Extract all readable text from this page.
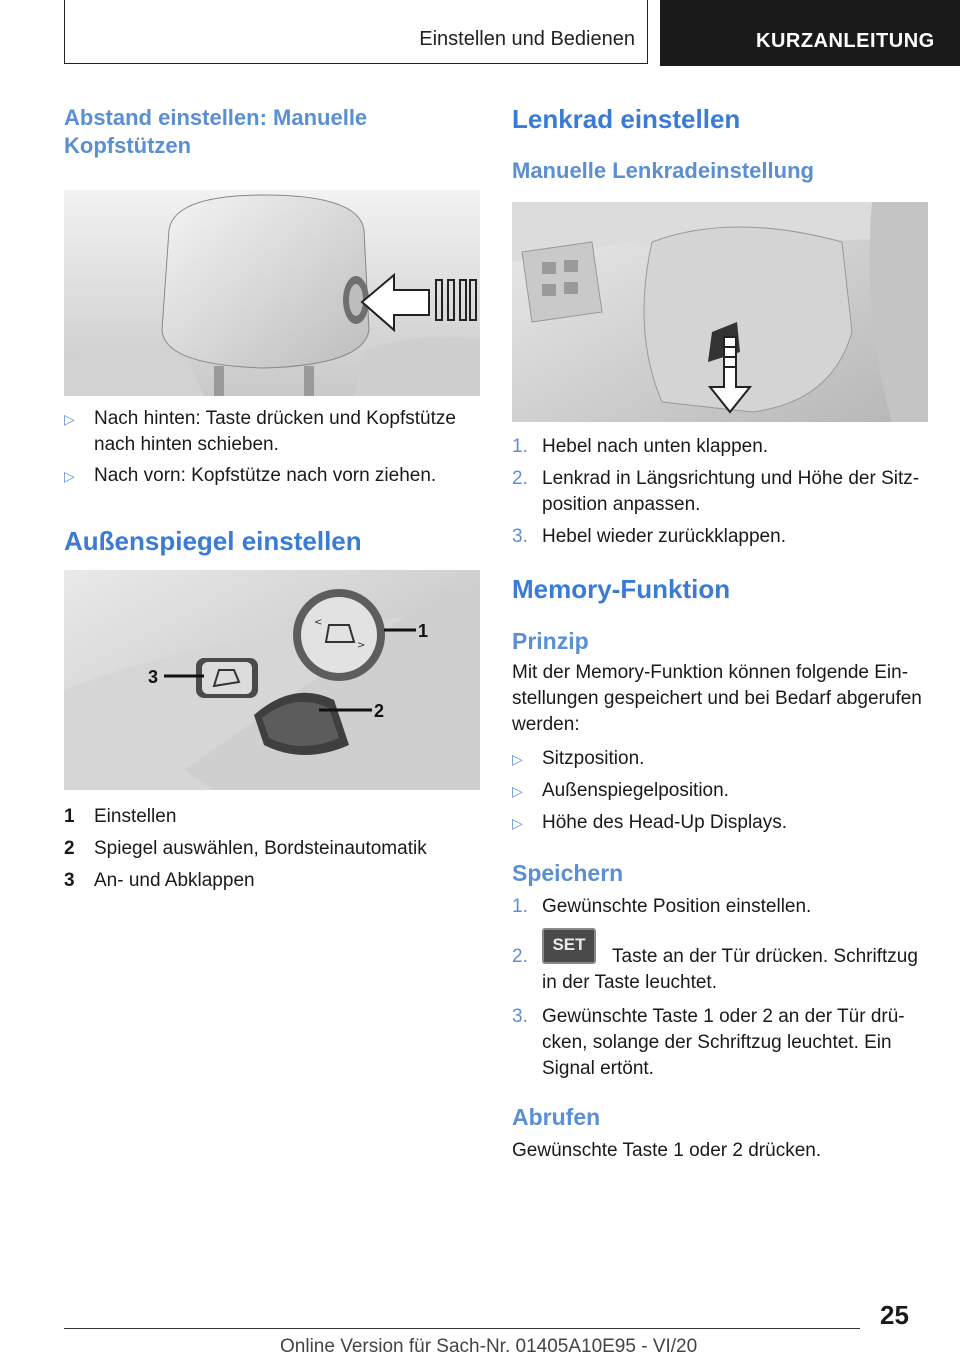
Einstellen und Bedienen	KURZANLEITUNG
Abstand einstellen: Manuelle Kopfstützen
▷ Nach hinten: Taste drücken und Kopfstütze nach hinten schieben.
▷ Nach vorn: Kopfstütze nach vorn ziehen.
Außenspiegel einstellen
<
>
1
2
3
1 Einstellen
2 Spiegel auswählen, Bordsteinautomatik
3 An- und Abklappen
Lenkrad einstellen
Manuelle Lenkradeinstellung
1. Hebel nach unten klappen.
2. Lenkrad in Längsrichtung und Höhe der Sitz-position anpassen.
3. Hebel wieder zurückklappen.
Memory-Funktion
Prinzip
Mit der Memory-Funktion können folgende Ein-stellungen gespeichert und bei Bedarf abgerufen werden:
▷ Sitzposition.
▷ Außenspiegelposition.
▷ Höhe des Head-Up Displays.
Speichern
1. Gewünschte Position einstellen.
2.
SET
Taste an der Tür drücken. Schriftzug in der Taste leuchtet.
3. Gewünschte Taste 1 oder 2 an der Tür drü-cken, solange der Schriftzug leuchtet. Ein Signal ertönt.
Abrufen
Gewünschte Taste 1 oder 2 drücken.
25
Online Version für Sach-Nr. 01405A10E95 - VI/20
